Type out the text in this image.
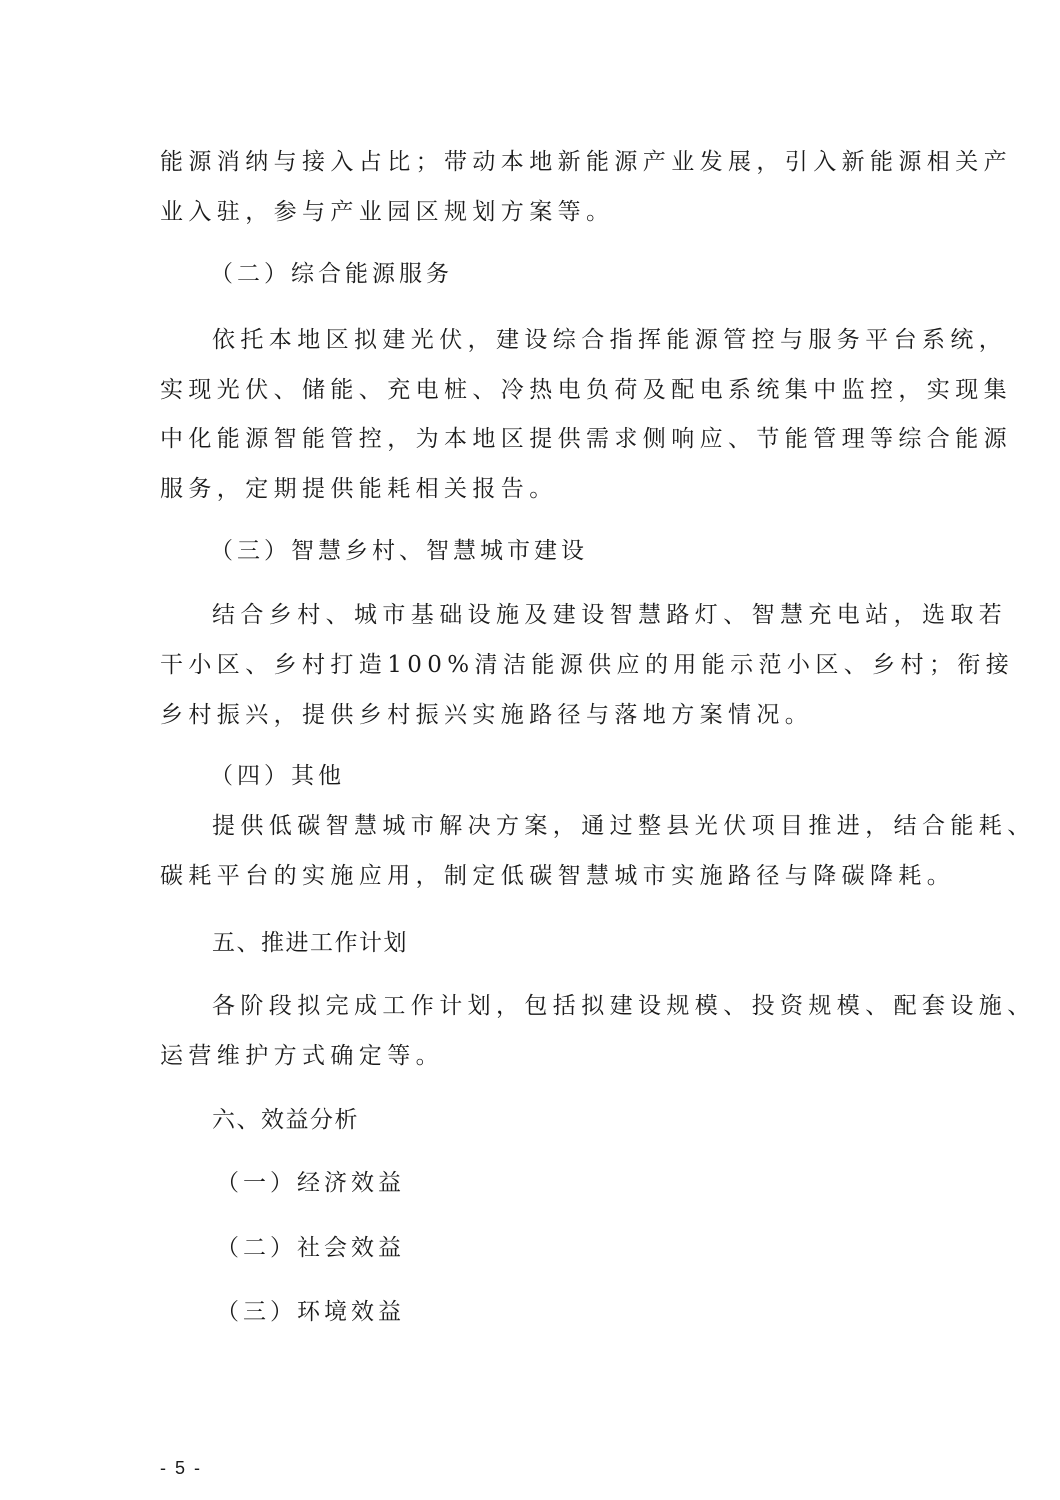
能源消纳与接入占比；带动本地新能源产业发展，引入新能源相关产
业入驻，参与产业园区规划方案等。
（二）综合能源服务
依托本地区拟建光伏，建设综合指挥能源管控与服务平台系统，
实现光伏、储能、充电桩、冷热电负荷及配电系统集中监控，实现集
中化能源智能管控，为本地区提供需求侧响应、节能管理等综合能源
服务，定期提供能耗相关报告。
（三）智慧乡村、智慧城市建设
结合乡村、城市基础设施及建设智慧路灯、智慧充电站，选取若
干小区、乡村打造100%清洁能源供应的用能示范小区、乡村；衔接
乡村振兴，提供乡村振兴实施路径与落地方案情况。
（四）其他
提供低碳智慧城市解决方案，通过整县光伏项目推进，结合能耗、
碳耗平台的实施应用，制定低碳智慧城市实施路径与降碳降耗。
五、推进工作计划
各阶段拟完成工作计划，包括拟建设规模、投资规模、配套设施、
运营维护方式确定等。
六、效益分析
（一）经济效益
（二）社会效益
（三）环境效益
- 5 -
